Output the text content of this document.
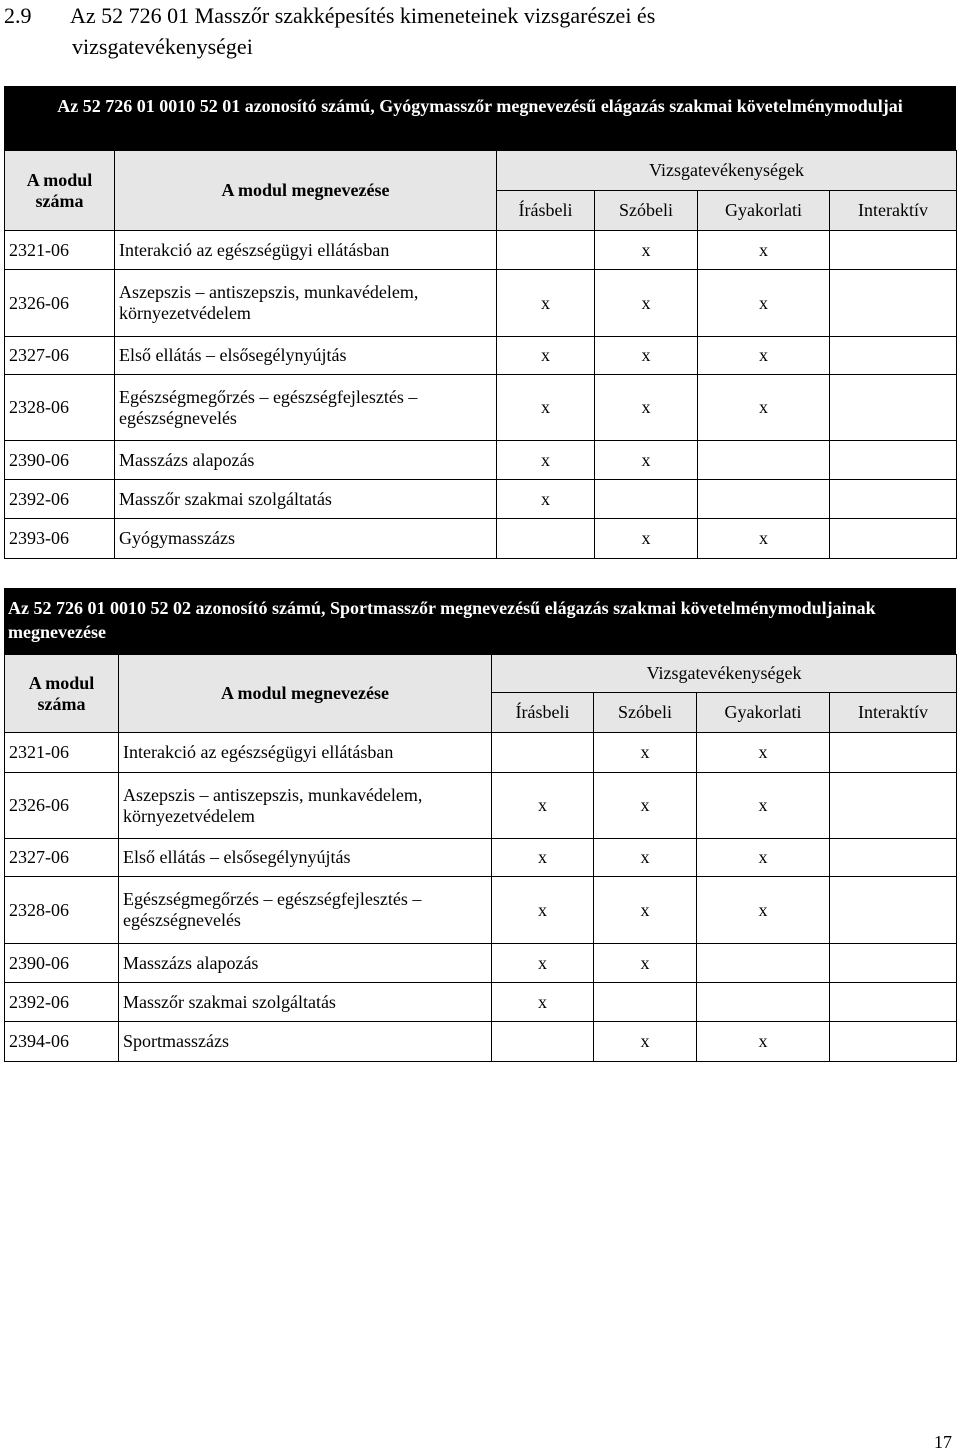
2.9 Az 52 726 01 Masszőr szakképesítés kimeneteinek vizsgarészei és
vizsgatevékenységei
Az 52 726 01 0010 52 01 azonosító számú, Gyógymasszőr megnevezésű elágazás szakmai követelménymoduljai
A modul száma	A modul megnevezése	Vizsgatevékenységek			
		Írásbeli	Szóbeli	Gyakorlati	Interaktív
2321-06	Interakció az egészségügyi ellátásban		x	x	
2326-06	Aszepszis – antiszepszis, munkavédelem, környezetvédelem	x	x	x	
2327-06	Első ellátás – elsősegélynyújtás	x	x	x	
2328-06	Egészségmegőrzés – egészségfejlesztés – egészségnevelés	x	x	x	
2390-06	Masszázs alapozás	x	x		
2392-06	Masszőr szakmai szolgáltatás	x			
2393-06	Gyógymasszázs		x	x	
Az 52 726 01 0010 52 02 azonosító számú, Sportmasszőr megnevezésű elágazás szakmai követelménymoduljainak megnevezése
A modul száma	A modul megnevezése	Vizsgatevékenységek			
		Írásbeli	Szóbeli	Gyakorlati	Interaktív
2321-06	Interakció az egészségügyi ellátásban		x	x	
2326-06	Aszepszis – antiszepszis, munkavédelem, környezetvédelem	x	x	x	
2327-06	Első ellátás – elsősegélynyújtás	x	x	x	
2328-06	Egészségmegőrzés – egészségfejlesztés – egészségnevelés	x	x	x	
2390-06	Masszázs alapozás	x	x		
2392-06	Masszőr szakmai szolgáltatás	x			
2394-06	Sportmasszázs		x	x	
17
